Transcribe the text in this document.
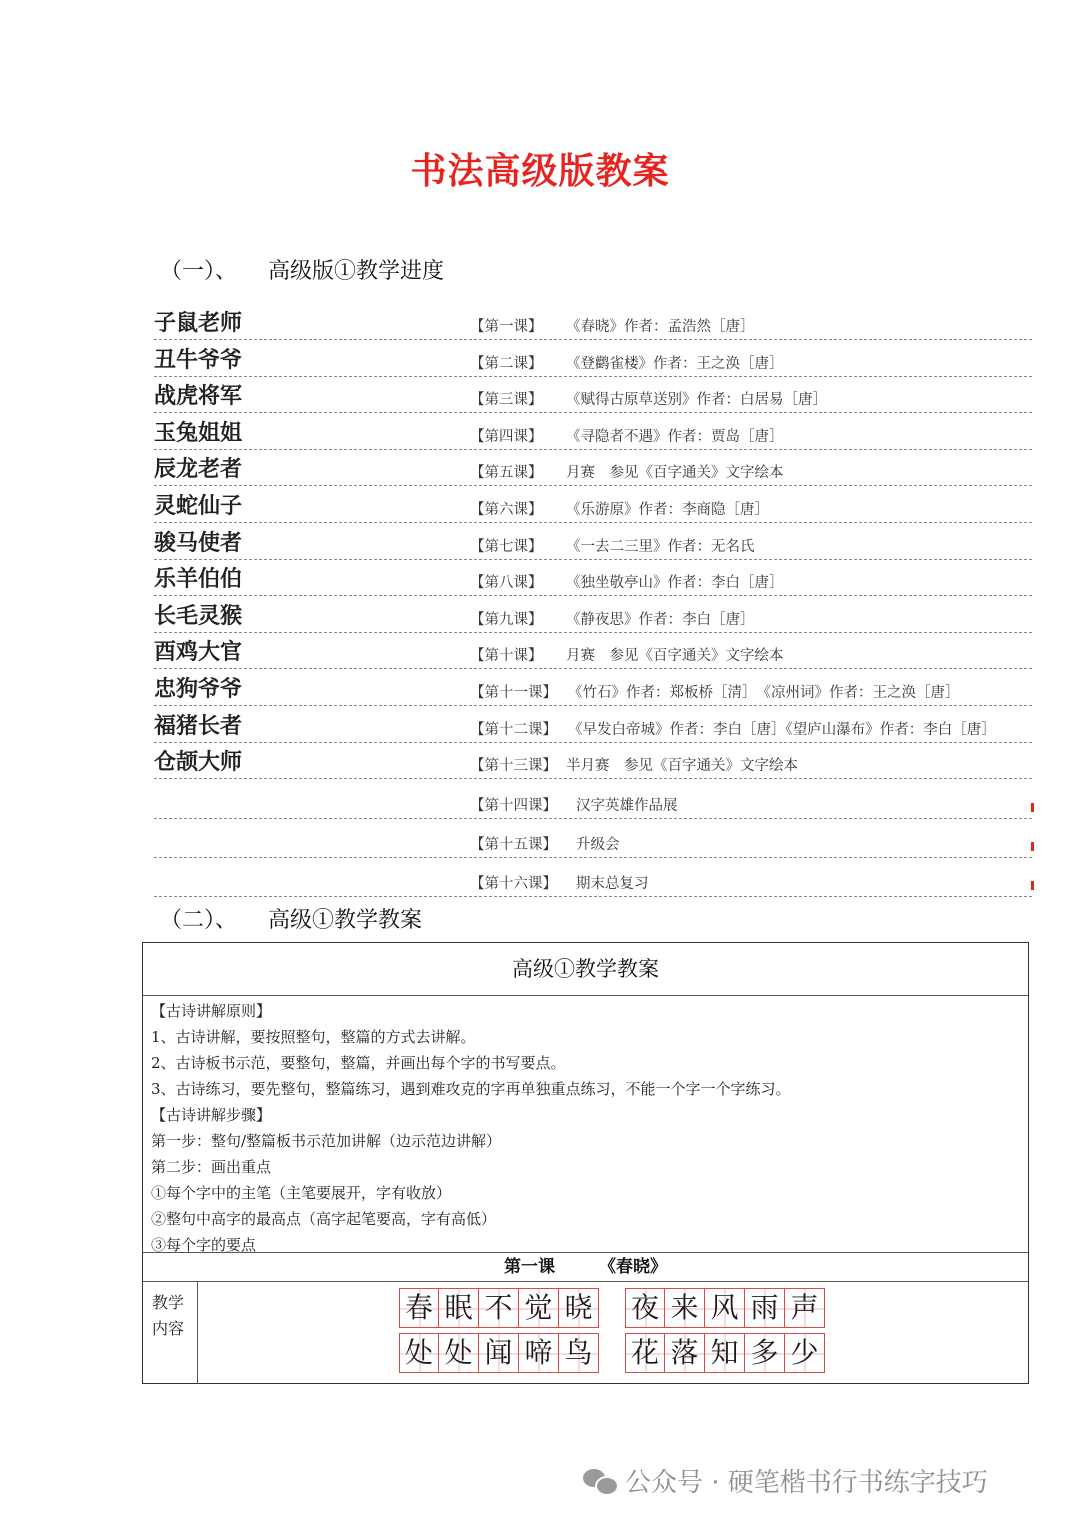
书法高级版教案
（一）、 高级版①教学进度
子鼠老师	【第一课】 《春晓》作者：孟浩然［唐］
丑牛爷爷	【第二课】 《登鹳雀楼》作者：王之涣［唐］
战虎将军	【第三课】 《赋得古原草送别》作者：白居易［唐］
玉兔姐姐	【第四课】 《寻隐者不遇》作者：贾岛［唐］
辰龙老者	【第五课】 月赛　参见《百字通关》文字绘本
灵蛇仙子	【第六课】 《乐游原》作者：李商隐［唐］
骏马使者	【第七课】 《一去二三里》作者：无名氏
乐羊伯伯	【第八课】 《独坐敬亭山》作者：李白［唐］
长毛灵猴	【第九课】 《静夜思》作者：李白［唐］
酉鸡大官	【第十课】 月赛　参见《百字通关》文字绘本
忠狗爷爷	【第十一课】 《竹石》作者：郑板桥［清］　《凉州词》作者：王之涣［唐］
福猪长者	【第十二课】 《早发白帝城》作者：李白［唐］《望庐山瀑布》作者：李白［唐］
仓颉大师	【第十三课】 半月赛　参见《百字通关》文字绘本
【第十四课】 汉字英雄作品展
【第十五课】 升级会
【第十六课】 期末总复习
（二）、 高级①教学教案
高级①教学教案
【古诗讲解原则】
1、古诗讲解，要按照整句，整篇的方式去讲解。
2、古诗板书示范，要整句，整篇，并画出每个字的书写要点。
3、古诗练习，要先整句，整篇练习，遇到难攻克的字再单独重点练习，不能一个字一个字练习。
【古诗讲解步骤】
第一步：整句/整篇板书示范加讲解（边示范边讲解）
第二步：画出重点
①每个字中的主笔（主笔要展开，字有收放）
②整句中高字的最高点（高字起笔要高，字有高低）
③每个字的要点
第一课	《春晓》
教学
内容
春 眠 不 觉 晓 夜 来 风 雨 声
处 处 闻 啼 鸟 花 落 知 多 少
公众号 · 硬笔楷书行书练字技巧
